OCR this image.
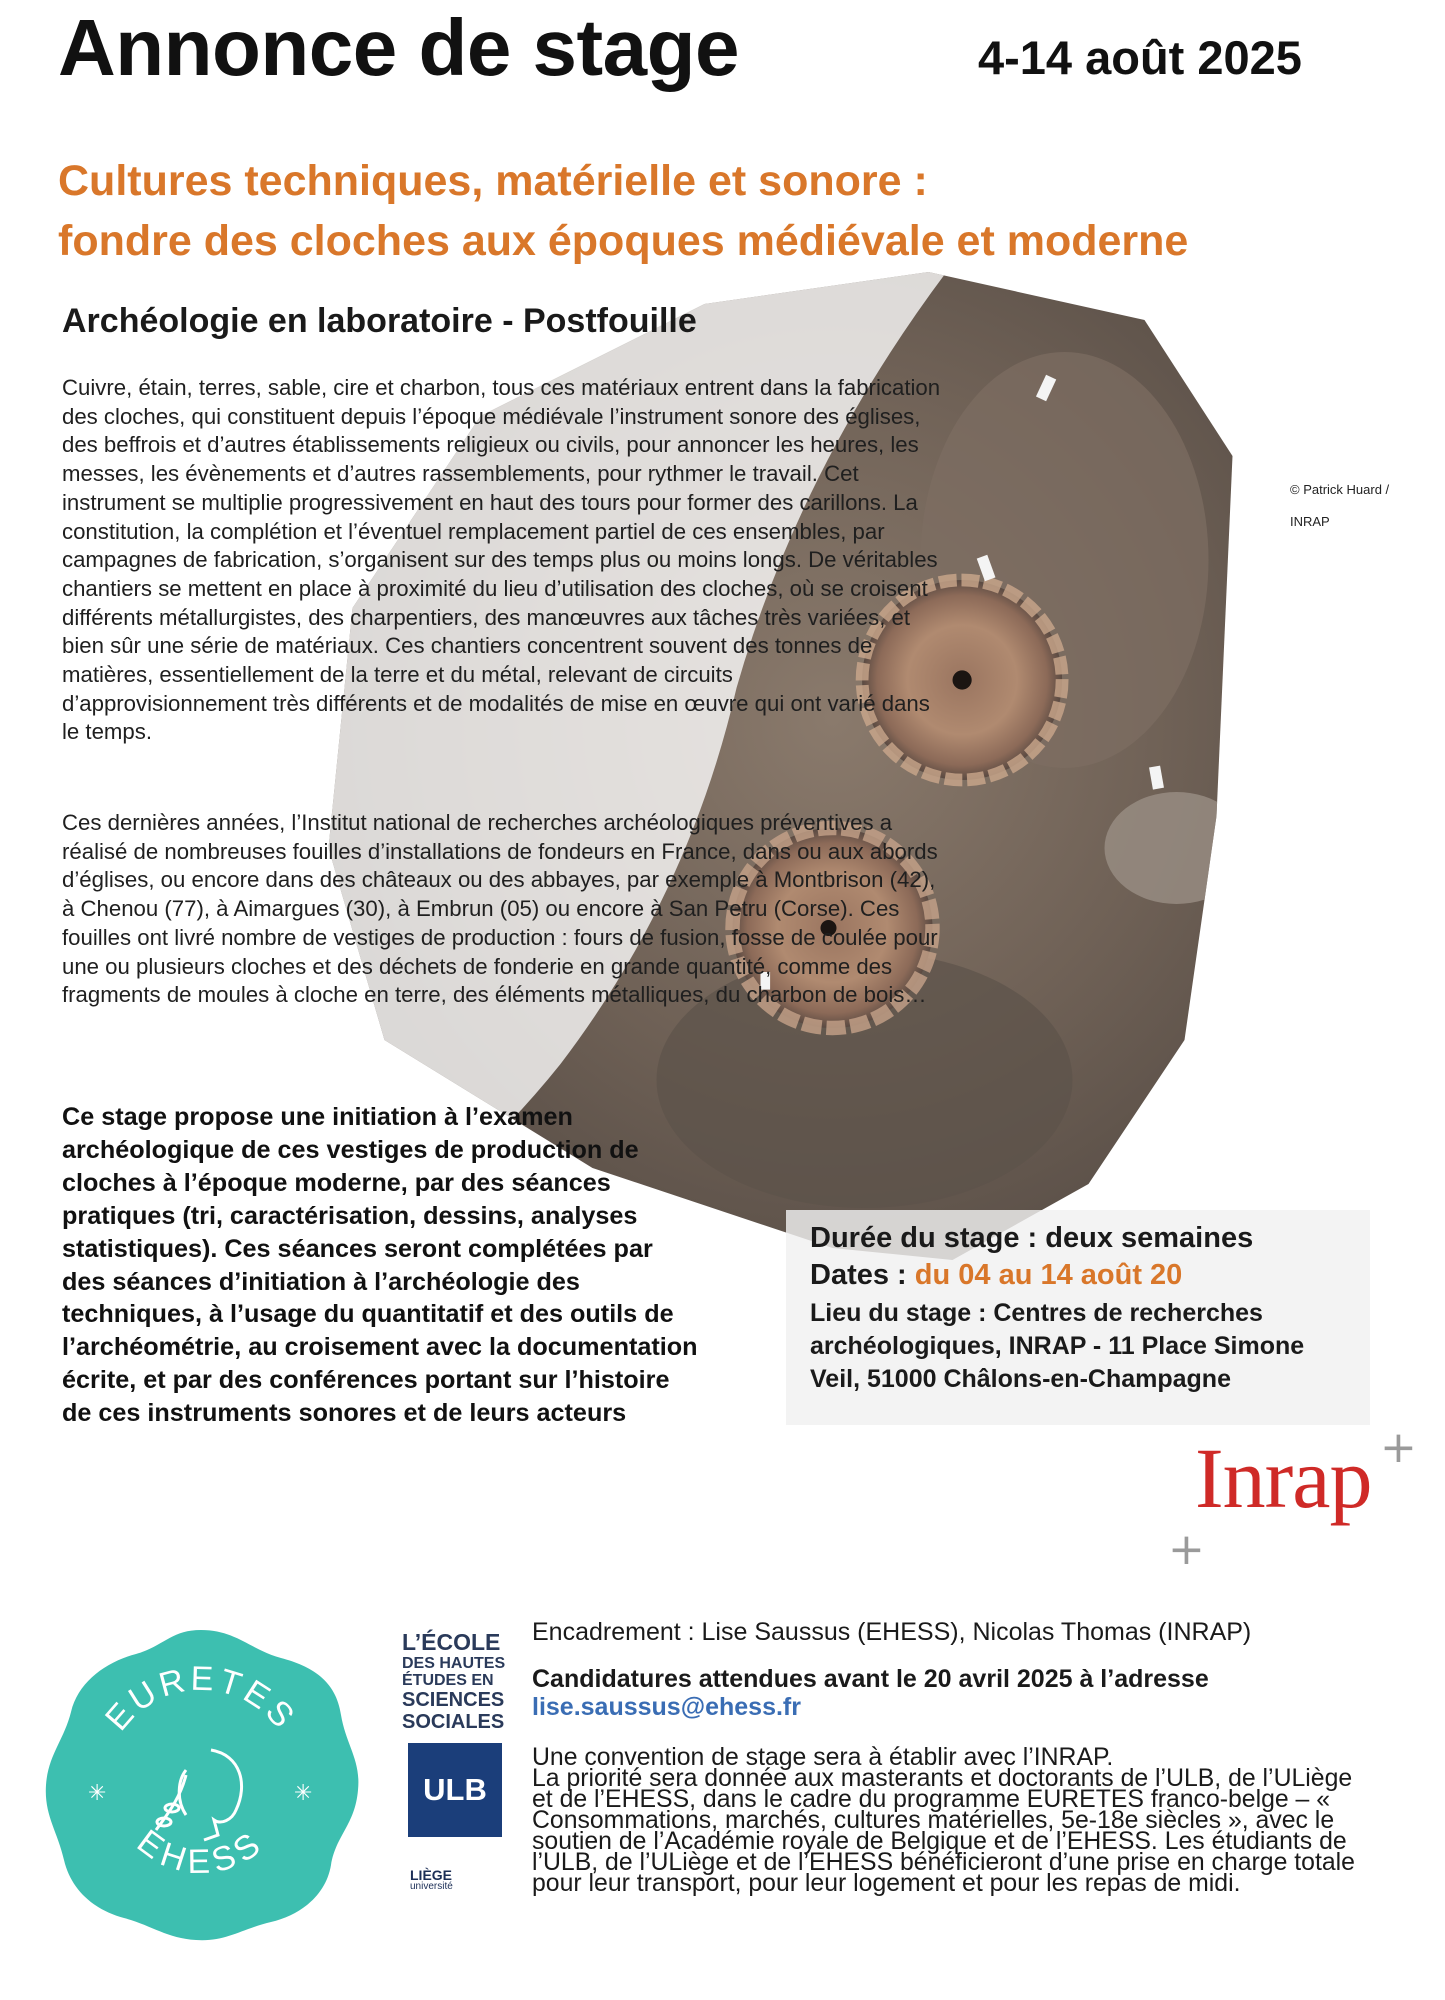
Annonce de stage	4-14 août 2025
Cultures techniques, matérielle et sonore :
fondre des cloches aux époques médiévale et moderne
Archéologie en laboratoire - Postfouille
Cuivre, étain, terres, sable, cire et charbon, tous ces matériaux entrent dans la fabrication des cloches, qui constituent depuis l’époque médiévale l’instrument sonore des églises, des beffrois et d’autres établissements religieux ou civils, pour annoncer les heures, les messes, les évènements et d’autres rassemblements, pour rythmer le travail. Cet instrument se multiplie progressivement en haut des tours pour former des carillons. La constitution, la complétion et l’éventuel remplacement partiel de ces ensembles, par campagnes de fabrication, s’organisent sur des temps plus ou moins longs. De véritables chantiers se mettent en place à proximité du lieu d’utilisation des cloches, où se croisent différents métallurgistes, des charpentiers, des manœuvres aux tâches très variées, et bien sûr une série de matériaux. Ces chantiers concentrent souvent des tonnes de matières, essentiellement de la terre et du métal, relevant de circuits d’approvisionnement très différents et de modalités de mise en œuvre qui ont varié dans le temps.
Ces dernières années, l’Institut national de recherches archéologiques préventives a réalisé de nombreuses fouilles d’installations de fondeurs en France, dans ou aux abords d’églises, ou encore dans des châteaux ou des abbayes, par exemple à Montbrison (42), à Chenou (77), à Aimargues (30), à Embrun (05) ou encore à San Petru (Corse). Ces fouilles ont livré nombre de vestiges de production : fours de fusion, fosse de coulée pour une ou plusieurs cloches et des déchets de fonderie en grande quantité, comme des fragments de moules à cloche en terre, des éléments métalliques, du charbon de bois…
Ce stage propose une initiation à l’examen archéologique de ces vestiges de production de cloches à l’époque moderne, par des séances pratiques (tri, caractérisation, dessins, analyses statistiques). Ces séances seront complétées par des séances d’initiation à l’archéologie des techniques, à l’usage du quantitatif et des outils de l’archéométrie, au croisement avec la documentation écrite, et par des conférences portant sur l’histoire de ces instruments sonores et de leurs acteurs
© Patrick Huard /
INRAP
Durée du stage : deux semaines
Dates : du 04 au 14 août 20
Lieu du stage : Centres de recherches
archéologiques, INRAP - 11 Place Simone
Veil, 51000 Châlons-en-Champagne
Inrap +
+
EURETES
EHESS
✳	✳
L’ÉCOLE
DES HAUTES
ÉTUDES EN
SCIENCES
SOCIALES
ULB
LIÈGE
université
Encadrement : Lise Saussus (EHESS), Nicolas Thomas (INRAP)
Candidatures attendues avant le 20 avril 2025 à l’adresse
lise.saussus@ehess.fr
Une convention de stage sera à établir avec l’INRAP.
La priorité sera donnée aux masterants et doctorants de l’ULB, de l’ULiège et de l’EHESS, dans le cadre du programme EURETES franco-belge – « Consommations, marchés, cultures matérielles, 5e-18e siècles », avec le soutien de l’Académie royale de Belgique et de l’EHESS. Les étudiants de l’ULB, de l’ULiège et de l’EHESS bénéficieront d’une prise en charge totale pour leur transport, pour leur logement et pour les repas de midi.
